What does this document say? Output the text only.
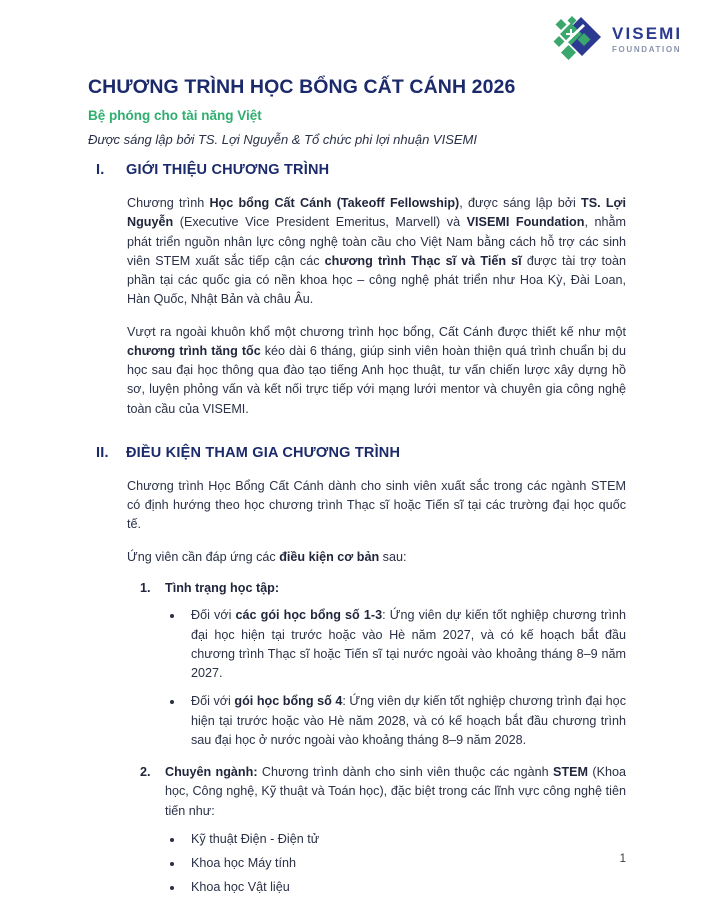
VISEMI
FOUNDATION
CHƯƠNG TRÌNH HỌC BỔNG CẤT CÁNH 2026
Bệ phóng cho tài năng Việt
Được sáng lập bởi TS. Lợi Nguyễn & Tổ chức phi lợi nhuận VISEMI
I.	GIỚI THIỆU CHƯƠNG TRÌNH

Chương trình Học bổng Cất Cánh (Takeoff Fellowship), được sáng lập bởi TS. Lợi Nguyễn (Executive Vice President Emeritus, Marvell) và VISEMI Foundation, nhằm phát triển nguồn nhân lực công nghệ toàn cầu cho Việt Nam bằng cách hỗ trợ các sinh viên STEM xuất sắc tiếp cận các chương trình Thạc sĩ và Tiến sĩ được tài trợ toàn phần tại các quốc gia có nền khoa học – công nghệ phát triển như Hoa Kỳ, Đài Loan, Hàn Quốc, Nhật Bản và châu Âu.

Vượt ra ngoài khuôn khổ một chương trình học bổng, Cất Cánh được thiết kế như một chương trình tăng tốc kéo dài 6 tháng, giúp sinh viên hoàn thiện quá trình chuẩn bị du học sau đại học thông qua đào tạo tiếng Anh học thuật, tư vấn chiến lược xây dựng hồ sơ, luyện phỏng vấn và kết nối trực tiếp với mạng lưới mentor và chuyên gia công nghệ toàn cầu của VISEMI.

II.	ĐIỀU KIỆN THAM GIA CHƯƠNG TRÌNH

Chương trình Học Bổng Cất Cánh dành cho sinh viên xuất sắc trong các ngành STEM có định hướng theo học chương trình Thạc sĩ hoặc Tiến sĩ tại các trường đại học quốc tế.

Ứng viên cần đáp ứng các điều kiện cơ bản sau:

1. Tình trạng học tập:
Đối với các gói học bổng số 1-3: Ứng viên dự kiến tốt nghiệp chương trình đại học hiện tại trước hoặc vào Hè năm 2027, và có kế hoạch bắt đầu chương trình Thạc sĩ hoặc Tiến sĩ tại nước ngoài vào khoảng tháng 8–9 năm 2027.
Đối với gói học bổng số 4: Ứng viên dự kiến tốt nghiệp chương trình đại học hiện tại trước hoặc vào Hè năm 2028, và có kế hoạch bắt đầu chương trình sau đại học ở nước ngoài vào khoảng tháng 8–9 năm 2028.
2. Chuyên ngành: Chương trình dành cho sinh viên thuộc các ngành STEM (Khoa học, Công nghệ, Kỹ thuật và Toán học), đặc biệt trong các lĩnh vực công nghệ tiên tiến như:
Kỹ thuật Điện - Điện tử
Khoa học Máy tính
Khoa học Vật liệu
1
